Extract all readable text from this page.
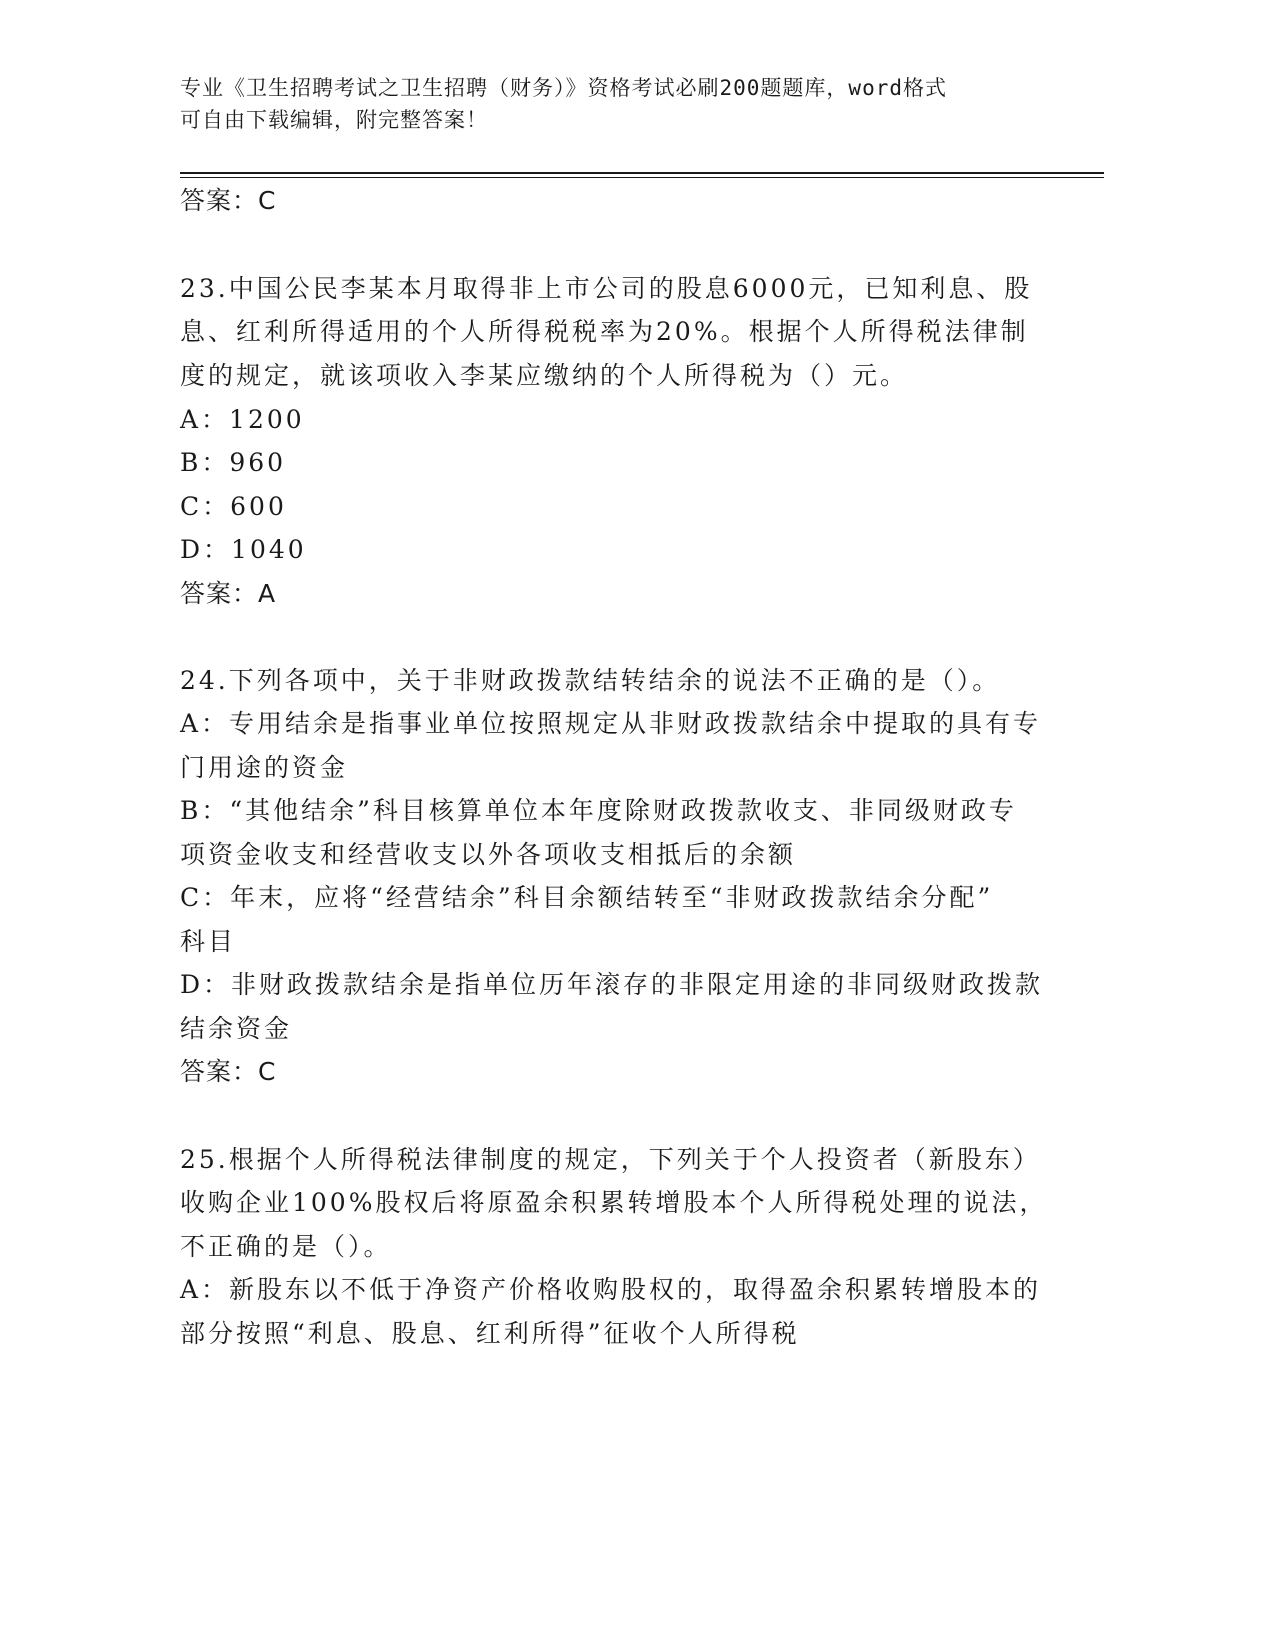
专业《卫生招聘考试之卫生招聘（财务）》资格考试必刷200题题库，word格式
可自由下载编辑，附完整答案！
答案：C
23.中国公民李某本月取得非上市公司的股息6000元，已知利息、股
息、红利所得适用的个人所得税税率为20%。根据个人所得税法律制
度的规定，就该项收入李某应缴纳的个人所得税为（）元。
A：1200
B：960
C：600
D：1040
答案：A
24.下列各项中，关于非财政拨款结转结余的说法不正确的是（）。
A：专用结余是指事业单位按照规定从非财政拨款结余中提取的具有专
门用途的资金
B：“其他结余”科目核算单位本年度除财政拨款收支、非同级财政专
项资金收支和经营收支以外各项收支相抵后的余额
C：年末，应将“经营结余”科目余额结转至“非财政拨款结余分配”
科目
D：非财政拨款结余是指单位历年滚存的非限定用途的非同级财政拨款
结余资金
答案：C
25.根据个人所得税法律制度的规定，下列关于个人投资者（新股东）
收购企业100%股权后将原盈余积累转增股本个人所得税处理的说法，
不正确的是（）。
A：新股东以不低于净资产价格收购股权的，取得盈余积累转增股本的
部分按照“利息、股息、红利所得”征收个人所得税
